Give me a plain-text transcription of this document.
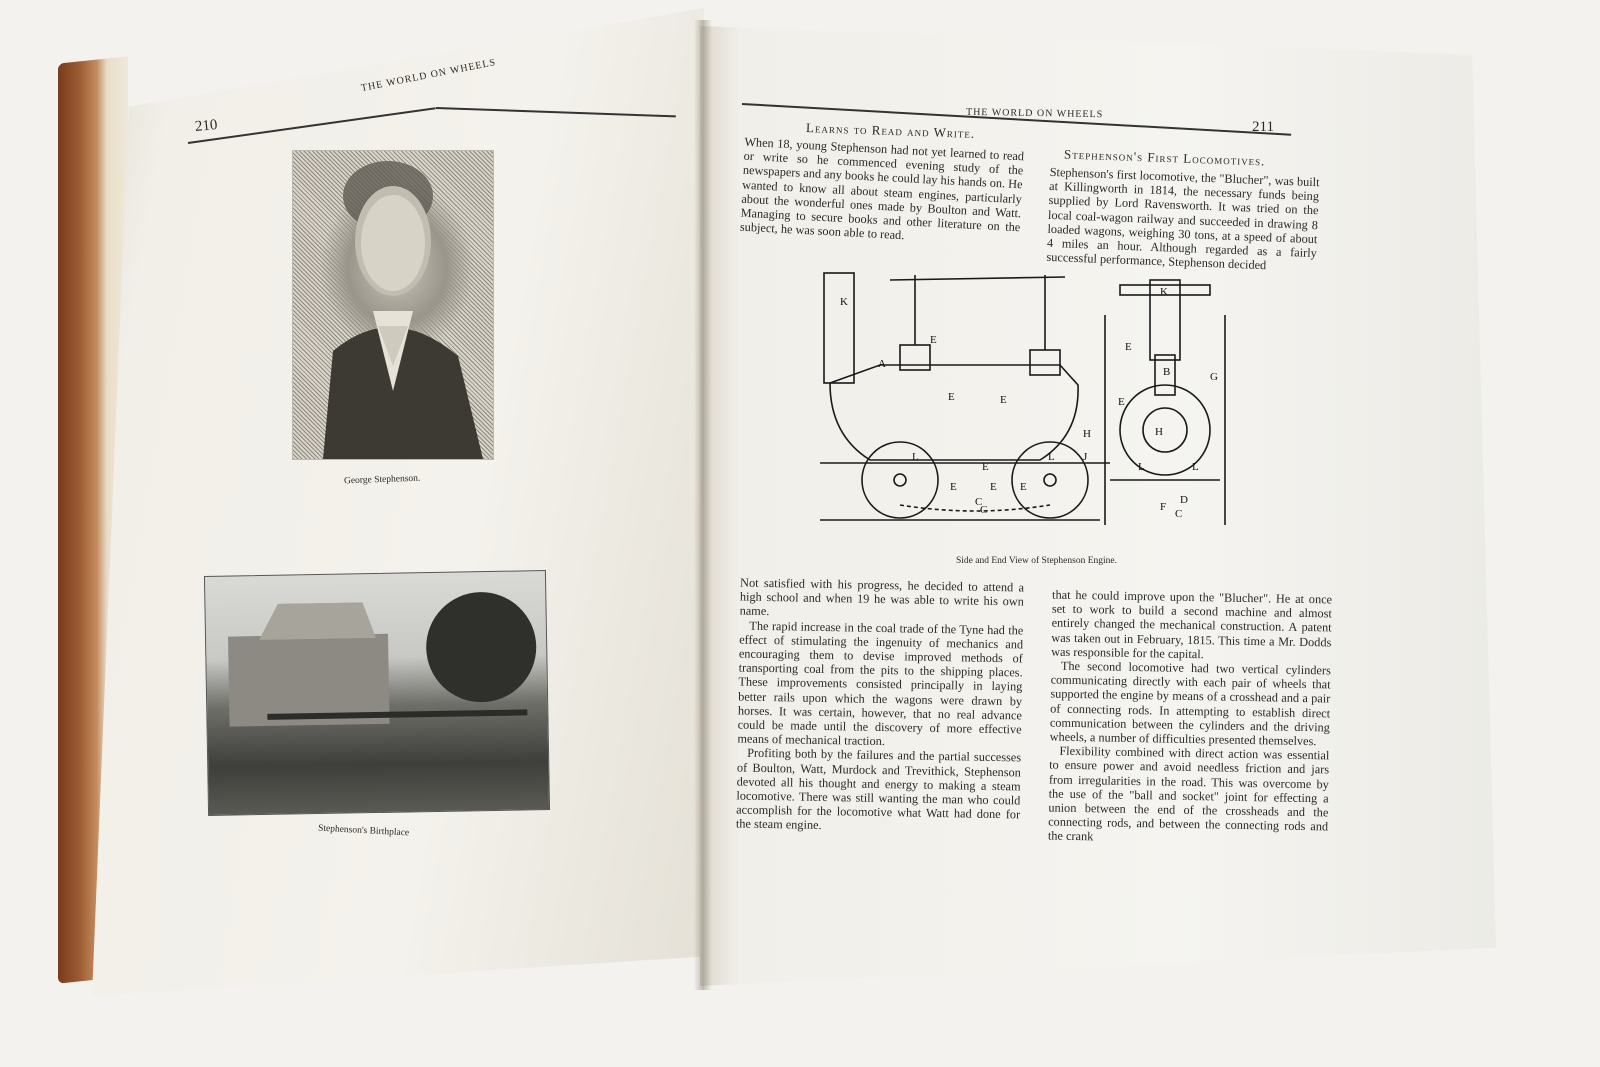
THE WORLD ON WHEELS
210
George Stephenson.
Stephenson's Birthplace
THE WORLD ON WHEELS
211
Learns to Read and Write.
Stephenson's First Locomotives.
When 18, young Stephenson had not yet learned to read or write so he commenced evening study of the newspapers and any books he could lay his hands on. He wanted to know all about steam engines, particularly about the wonderful ones made by Boulton and Watt. Managing to secure books and other literature on the subject, he was soon able to read.
Stephenson's first locomotive, the "Blucher", was built at Killingworth in 1814, the necessary funds being supplied by Lord Ravensworth. It was tried on the local coal-wagon railway and succeeded in drawing 8 loaded wagons, weighing 30 tons, at a speed of about 4 miles an hour. Although regarded as a fairly successful performance, Stephenson decided
K
A
E
E	E
E
H
J
L	L
E
C
E E
C
K
E
B
E
G
H
L	L
F
C
D
Side and End View of Stephenson Engine.
Not satisfied with his progress, he decided to attend a high school and when 19 he was able to write his own name.
The rapid increase in the coal trade of the Tyne had the effect of stimulating the ingenuity of mechanics and encouraging them to devise improved methods of transporting coal from the pits to the shipping places. These improvements consisted principally in laying better rails upon which the wagons were drawn by horses. It was certain, however, that no real advance could be made until the discovery of more effective means of mechanical traction.
Profiting both by the failures and the partial successes of Boulton, Watt, Murdock and Trevithick, Stephenson devoted all his thought and energy to making a steam locomotive. There was still wanting the man who could accomplish for the locomotive what Watt had done for the steam engine.
that he could improve upon the "Blucher". He at once set to work to build a second machine and almost entirely changed the mechanical construction. A patent was taken out in February, 1815. This time a Mr. Dodds was responsible for the capital.
The second locomotive had two vertical cylinders communicating directly with each pair of wheels that supported the engine by means of a crosshead and a pair of connecting rods. In attempting to establish direct communication between the cylinders and the driving wheels, a number of difficulties presented themselves.
Flexibility combined with direct action was essential to ensure power and avoid needless friction and jars from irregularities in the road. This was overcome by the use of the "ball and socket" joint for effecting a union between the end of the crossheads and the connecting rods, and between the connecting rods and the crank
